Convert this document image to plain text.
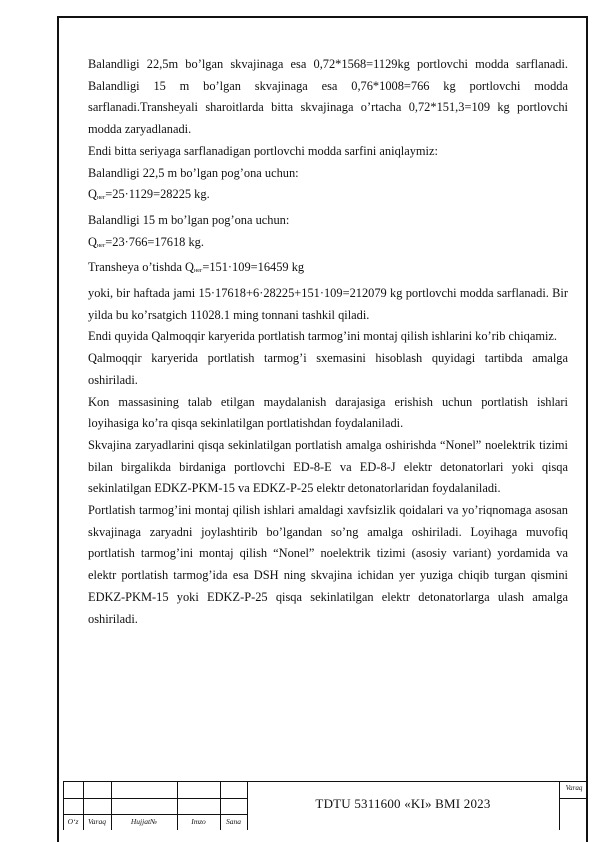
Balandligi 22,5m bo’lgan skvajinaga esa 0,72*1568=1129kg portlovchi modda sarflanadi. Balandligi 15 m bo’lgan skvajinaga esa 0,76*1008=766 kg portlovchi modda sarflanadi.Transheyali sharoitlarda bitta skvajinaga o’rtacha 0,72*151,3=109 kg portlovchi modda zaryadlanadi.

Endi bitta seriyaga sarflanadigan portlovchi modda sarfini aniqlaymiz:

Balandligi 22,5 m bo’lgan pog’ona uchun:

$Q_{нег}=25\cdot 1129=28225$ kg.

Balandligi 15 m bo’lgan pog’ona uchun:

$Q_{нег}=23\cdot 766=17618$ kg.

Transheya o’tishda $Q_{нег}=151\cdot 109=16459$ kg

yoki, bir haftada jami 15·17618+6·28225+151·109=212079 kg portlovchi modda sarflanadi. Bir yilda bu ko’rsatgich 11028.1 ming tonnani tashkil qiladi.

Endi quyida Qalmoqqir karyerida portlatish tarmog’ini montaj qilish ishlarini ko’rib chiqamiz.

Qalmoqqir karyerida portlatish tarmog’i sxemasini hisoblash quyidagi tartibda amalga oshiriladi.

Kon massasining talab etilgan maydalanish darajasiga erishish uchun portlatish ishlari loyihasiga ko’ra qisqa sekinlatilgan portlatishdan foydalaniladi.

Skvajina zaryadlarini qisqa sekinlatilgan portlatish amalga oshirishda “Nonel” noelektrik tizimi bilan birgalikda birdaniga portlovchi ED-8-E va ED-8-J elektr detonatorlari yoki qisqa sekinlatilgan EDKZ-PKM-15 va EDKZ-P-25 elektr detonatorlaridan foydalaniladi.

Portlatish tarmog’ini montaj qilish ishlari amaldagi xavfsizlik qoidalari va yo’riqnomaga asosan skvajinaga zaryadni joylashtirib bo’lgandan so’ng amalga oshiriladi. Loyihaga muvofiq portlatish tarmog’ini montaj qilish “Nonel” noelektrik tizimi (asosiy variant) yordamida va elektr portlatish tarmog’ida esa DSH ning skvajina ichidan yer yuziga chiqib turgan qismini EDKZ-PKM-15 yoki EDKZ-P-25 qisqa sekinlatilgan elektr detonatorlarga ulash amalga oshiriladi.

O‘z	Varaq	Hujjat№	Imzo	Sana
TDTU 5311600 «KI» BMI 2023
Varaq
